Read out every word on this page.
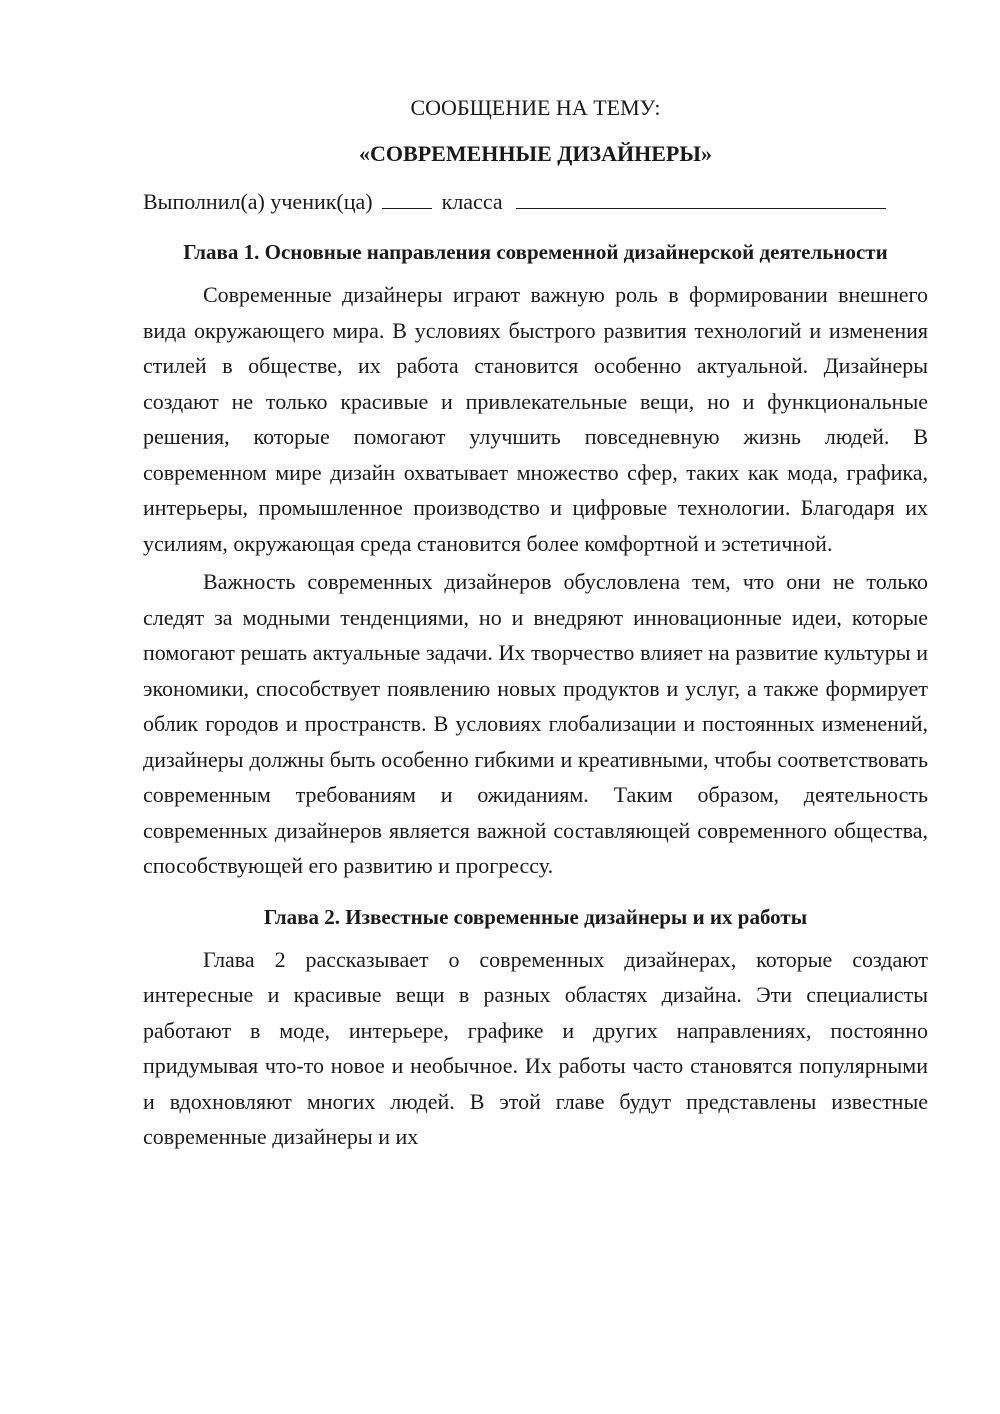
СООБЩЕНИЕ НА ТЕМУ:

«СОВРЕМЕННЫЕ ДИЗАЙНЕРЫ»

Выполнил(а) ученик(ца)	класса

Глава 1. Основные направления современной дизайнерской деятельности

Современные дизайнеры играют важную роль в формировании внешнего вида окружающего мира. В условиях быстрого развития технологий и изменения стилей в обществе, их работа становится особенно актуальной. Дизайнеры создают не только красивые и привлекательные вещи, но и функциональные решения, которые помогают улучшить повседневную жизнь людей. В современном мире дизайн охватывает множество сфер, таких как мода, графика, интерьеры, промышленное производство и цифровые технологии. Благодаря их усилиям, окружающая среда становится более комфортной и эстетичной.

Важность современных дизайнеров обусловлена тем, что они не только следят за модными тенденциями, но и внедряют инновационные идеи, которые помогают решать актуальные задачи. Их творчество влияет на развитие культуры и экономики, способствует появлению новых продуктов и услуг, а также формирует облик городов и пространств. В условиях глобализации и постоянных изменений, дизайнеры должны быть особенно гибкими и креативными, чтобы соответствовать современным требованиям и ожиданиям. Таким образом, деятельность современных дизайнеров является важной составляющей современного общества, способствующей его развитию и прогрессу.

Глава 2. Известные современные дизайнеры и их работы

Глава 2 рассказывает о современных дизайнерах, которые создают интересные и красивые вещи в разных областях дизайна. Эти специалисты работают в моде, интерьере, графике и других направлениях, постоянно придумывая что-то новое и необычное. Их работы часто становятся популярными и вдохновляют многих людей. В этой главе будут представлены известные современные дизайнеры и их
